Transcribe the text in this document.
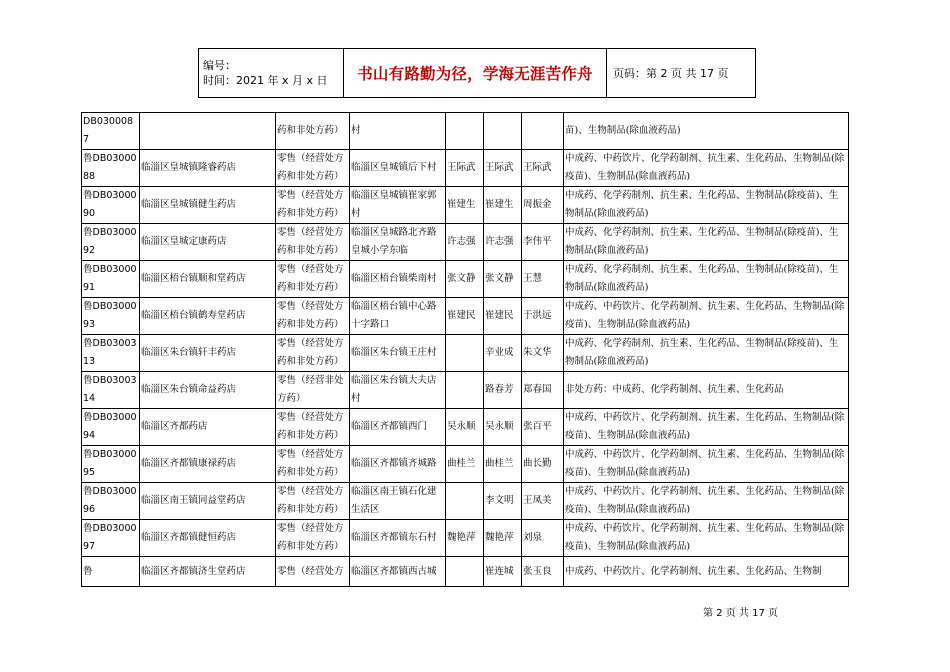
编号：
时间：2021 年 x 月 x 日	书山有路勤为径，学海无涯苦作舟	页码：第 2 页 共 17 页
DB0300087		药和非处方药）	村				苗)、生物制品(除血液药品)
鲁DB0300088	临淄区皇城镇隆睿药店	零售（经营处方药和非处方药）	临淄区皇城镇后下村	王际武	王际武	王际武	中成药、中药饮片、化学药制剂、抗生素、生化药品、生物制品(除疫苗)、生物制品(除血液药品)
鲁DB0300090	临淄区皇城镇健生药店	零售（经营处方药和非处方药）	临淄区皇城镇崔家郭村	崔建生	崔建生	周振金	中成药、化学药制剂、抗生素、生化药品、生物制品(除疫苗)、生物制品(除血液药品)
鲁DB0300092	临淄区皇城定康药店	零售（经营处方药和非处方药）	临淄区皇城路北齐路皇城小学东临	许志强	许志强	李伟平	中成药、化学药制剂、抗生素、生化药品、生物制品(除疫苗)、生物制品(除血液药品)
鲁DB0300091	临淄区梧台镇顺和堂药店	零售（经营处方药和非处方药）	临淄区梧台镇柴南村	张文静	张文静	王慧	中成药、化学药制剂、抗生素、生化药品、生物制品(除疫苗)、生物制品(除血液药品)
鲁DB0300093	临淄区梧台镇鹤寿堂药店	零售（经营处方药和非处方药）	临淄区梧台镇中心路十字路口	崔建民	崔建民	于洪远	中成药、中药饮片、化学药制剂、抗生素、生化药品、生物制品(除疫苗)、生物制品(除血液药品)
鲁DB0300313	临淄区朱台镇轩丰药店	零售（经营处方药和非处方药）	临淄区朱台镇王庄村		辛业成	朱文华	中成药、化学药制剂、抗生素、生化药品、生物制品(除疫苗)、生物制品(除血液药品)
鲁DB0300314	临淄区朱台镇命益药店	零售（经营非处方药）	临淄区朱台镇大夫店村		路春芳	郑春国	非处方药：中成药、化学药制剂、抗生素、生化药品
鲁DB0300094	临淄区齐都药店	零售（经营处方药和非处方药）	临淄区齐都镇西门	吴永顺	吴永顺	张百平	中成药、中药饮片、化学药制剂、抗生素、生化药品、生物制品(除疫苗)、生物制品(除血液药品)
鲁DB0300095	临淄区齐都镇康禄药店	零售（经营处方药和非处方药）	临淄区齐都镇齐城路	曲桂兰	曲桂兰	曲长勤	中成药、中药饮片、化学药制剂、抗生素、生化药品、生物制品(除疫苗)、生物制品(除血液药品)
鲁DB0300096	临淄区南王镇同益堂药店	零售（经营处方药和非处方药）	临淄区南王镇石化建生活区		李文明	王凤美	中成药、中药饮片、化学药制剂、抗生素、生化药品、生物制品(除疫苗)、生物制品(除血液药品)
鲁DB0300097	临淄区齐都镇健恒药店	零售（经营处方药和非处方药）	临淄区齐都镇东石村	魏艳萍	魏艳萍	刘泉	中成药、中药饮片、化学药制剂、抗生素、生化药品、生物制品(除疫苗)、生物制品(除血液药品)
鲁	临淄区齐都镇济生堂药店	零售（经营处方	临淄区齐都镇西古城		崔连城	张玉良	中成药、中药饮片、化学药制剂、抗生素、生化药品、生物制
第 2 页 共 17 页
